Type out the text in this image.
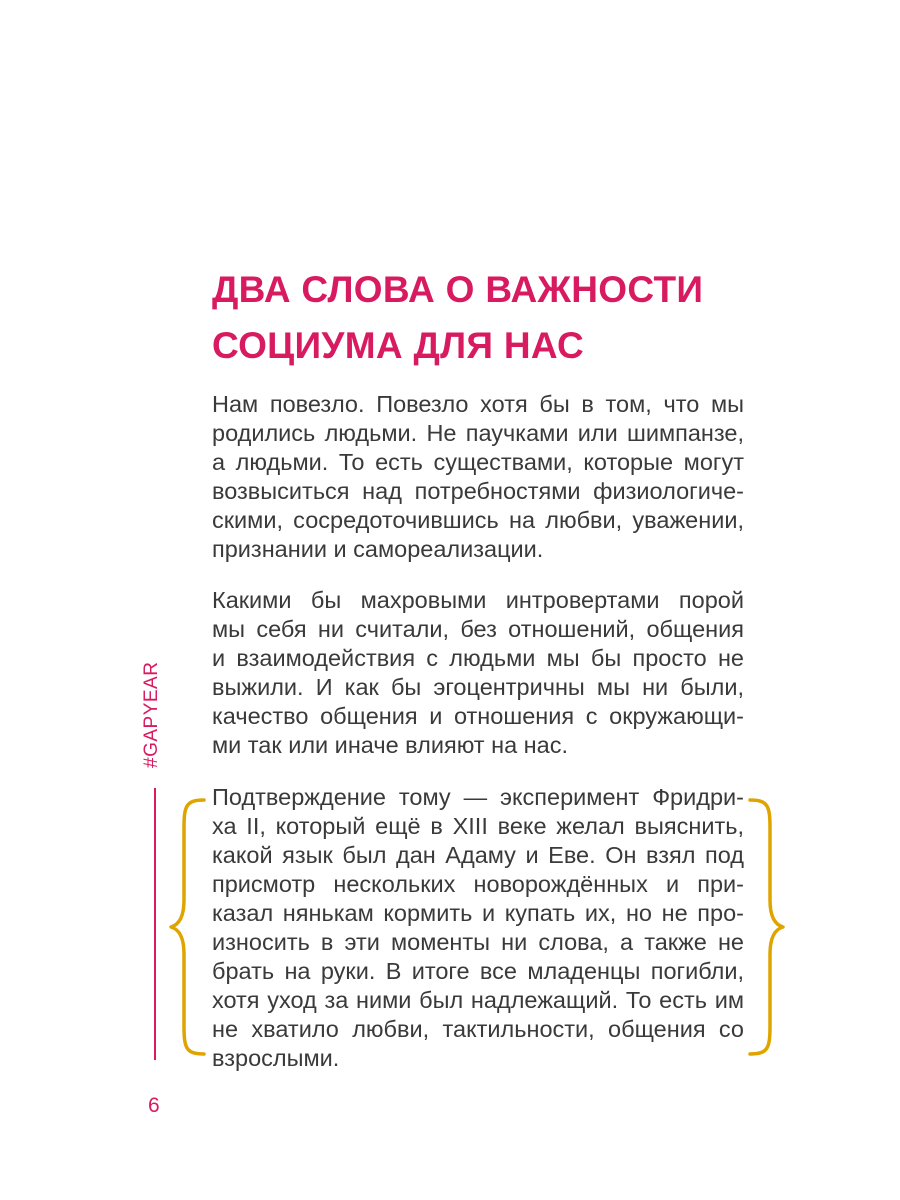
ДВА СЛОВА О ВАЖНОСТИ
СОЦИУМА ДЛЯ НАС

Нам повезло. Повезло хотя бы в том, что мы
родились людьми. Не паучками или шимпанзе,
а людьми. То есть существами, которые могут
возвыситься над потребностями физиологиче-
скими, сосредоточившись на любви, уважении,
признании и самореализации.

Какими бы махровыми интровертами порой
мы себя ни считали, без отношений, общения
и взаимодействия с людьми мы бы просто не
выжили. И как бы эгоцентричны мы ни были,
качество общения и отношения с окружающи-
ми так или иначе влияют на нас.

#GAPYEAR

Подтверждение тому — эксперимент Фридри-
ха II, который ещё в XIII веке желал выяснить,
какой язык был дан Адаму и Еве. Он взял под
присмотр нескольких новорождённых и при-
казал нянькам кормить и купать их, но не про-
износить в эти моменты ни слова, а также не
брать на руки. В итоге все младенцы погибли,
хотя уход за ними был надлежащий. То есть им
не хватило любви, тактильности, общения со
взрослыми.

6
